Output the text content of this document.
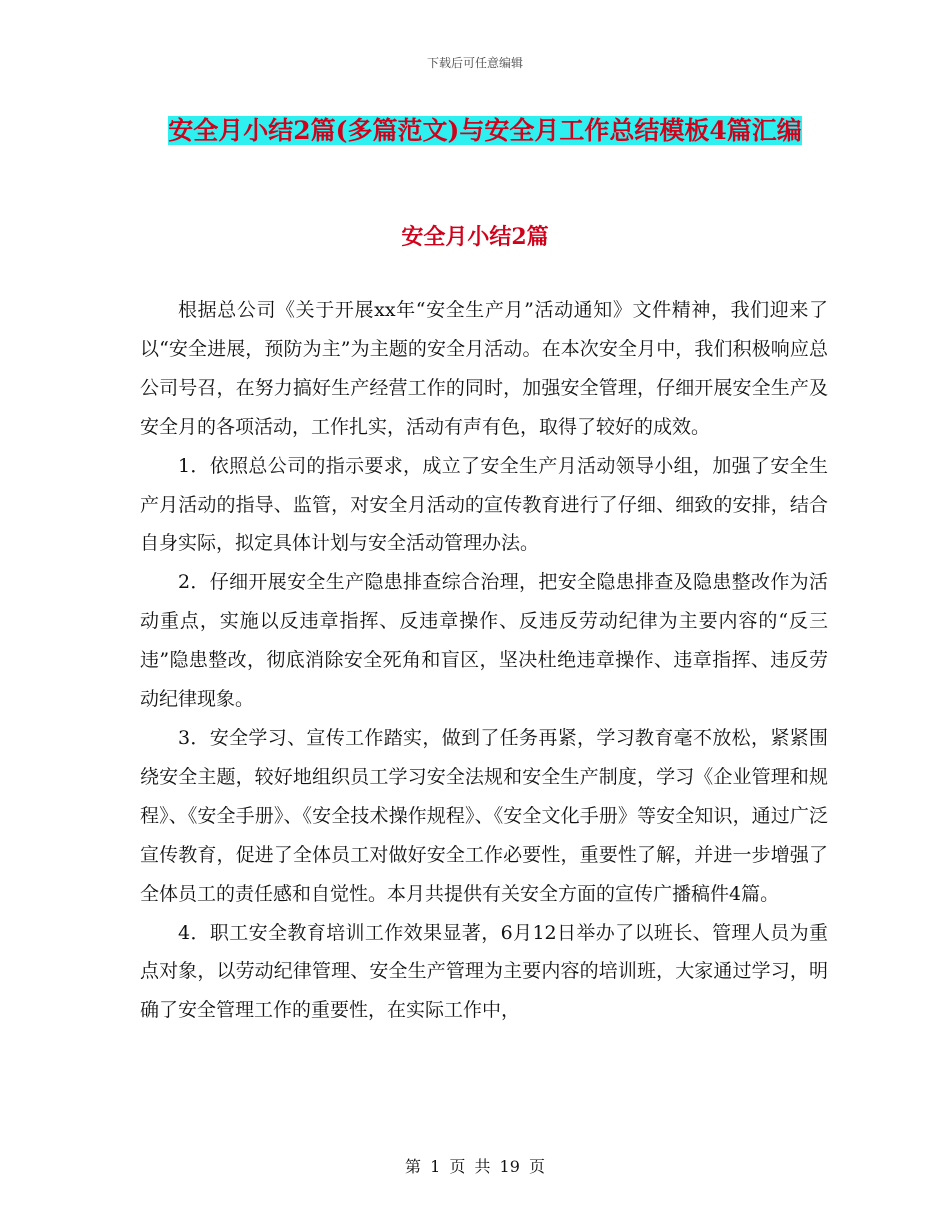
下载后可任意编辑
安全月小结2篇(多篇范文)与安全月工作总结模板4篇汇编
安全月小结2篇

根据总公司《关于开展xx年“安全生产月”活动通知》文件精神，我们迎来了以“安全进展，预防为主”为主题的安全月活动。在本次安全月中，我们积极响应总公司号召，在努力搞好生产经营工作的同时，加强安全管理，仔细开展安全生产及安全月的各项活动，工作扎实，活动有声有色，取得了较好的成效。

1．依照总公司的指示要求，成立了安全生产月活动领导小组，加强了安全生产月活动的指导、监管，对安全月活动的宣传教育进行了仔细、细致的安排，结合自身实际，拟定具体计划与安全活动管理办法。

2．仔细开展安全生产隐患排查综合治理，把安全隐患排查及隐患整改作为活动重点，实施以反违章指挥、反违章操作、反违反劳动纪律为主要内容的“反三违”隐患整改，彻底消除安全死角和盲区，坚决杜绝违章操作、违章指挥、违反劳动纪律现象。

3．安全学习、宣传工作踏实，做到了任务再紧，学习教育毫不放松，紧紧围绕安全主题，较好地组织员工学习安全法规和安全生产制度，学习《企业管理和规程》、《安全手册》、《安全技术操作规程》、《安全文化手册》等安全知识，通过广泛宣传教育，促进了全体员工对做好安全工作必要性，重要性了解，并进一步增强了全体员工的责任感和自觉性。本月共提供有关安全方面的宣传广播稿件4篇。

4．职工安全教育培训工作效果显著，6月12日举办了以班长、管理人员为重点对象，以劳动纪律管理、安全生产管理为主要内容的培训班，大家通过学习，明确了安全管理工作的重要性，在实际工作中，

第 1 页 共 19 页
